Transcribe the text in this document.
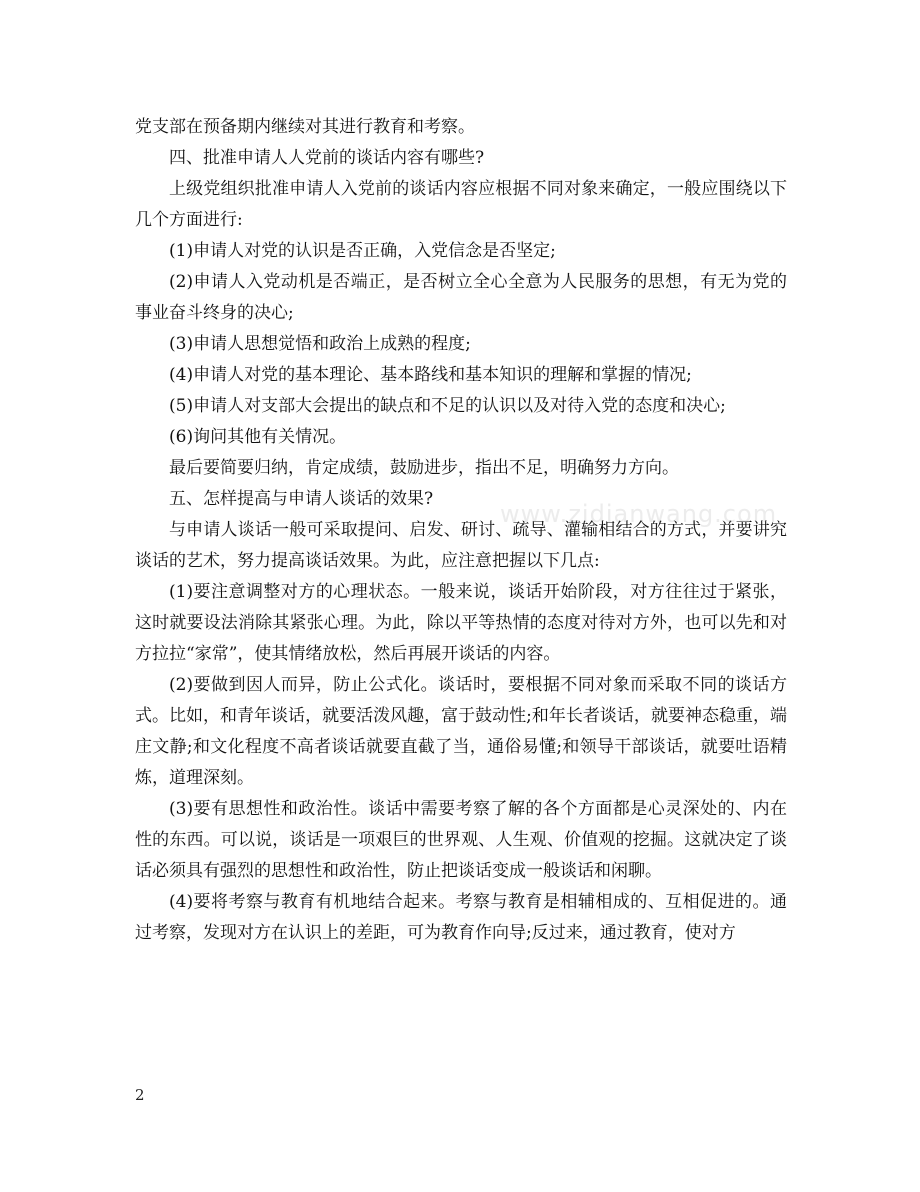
党支部在预备期内继续对其进行教育和考察。

四、批准申请人人党前的谈话内容有哪些?

上级党组织批准申请人入党前的谈话内容应根据不同对象来确定，一般应围绕以下几个方面进行:

(1)申请人对党的认识是否正确，入党信念是否坚定;

(2)申请人入党动机是否端正，是否树立全心全意为人民服务的思想，有无为党的事业奋斗终身的决心;

(3)申请人思想觉悟和政治上成熟的程度;

(4)申请人对党的基本理论、基本路线和基本知识的理解和掌握的情况;

(5)申请人对支部大会提出的缺点和不足的认识以及对待入党的态度和决心;

(6)询问其他有关情况。

最后要简要归纳，肯定成绩，鼓励进步，指出不足，明确努力方向。

五、怎样提高与申请人谈话的效果?

与申请人谈话一般可采取提问、启发、研讨、疏导、灌输相结合的方式，并要讲究谈话的艺术，努力提高谈话效果。为此，应注意把握以下几点:

(1)要注意调整对方的心理状态。一般来说，谈话开始阶段，对方往往过于紧张，这时就要设法消除其紧张心理。为此，除以平等热情的态度对待对方外，也可以先和对方拉拉“家常”，使其情绪放松，然后再展开谈话的内容。

(2)要做到因人而异，防止公式化。谈话时，要根据不同对象而采取不同的谈话方式。比如，和青年谈话，就要活泼风趣，富于鼓动性;和年长者谈话，就要神态稳重，端庄文静;和文化程度不高者谈话就要直截了当，通俗易懂;和领导干部谈话，就要吐语精炼，道理深刻。

(3)要有思想性和政治性。谈话中需要考察了解的各个方面都是心灵深处的、内在性的东西。可以说，谈话是一项艰巨的世界观、人生观、价值观的挖掘。这就决定了谈话必须具有强烈的思想性和政治性，防止把谈话变成一般谈话和闲聊。

(4)要将考察与教育有机地结合起来。考察与教育是相辅相成的、互相促进的。通过考察，发现对方在认识上的差距，可为教育作向导;反过来，通过教育，使对方

www.zidianwang.com
2
